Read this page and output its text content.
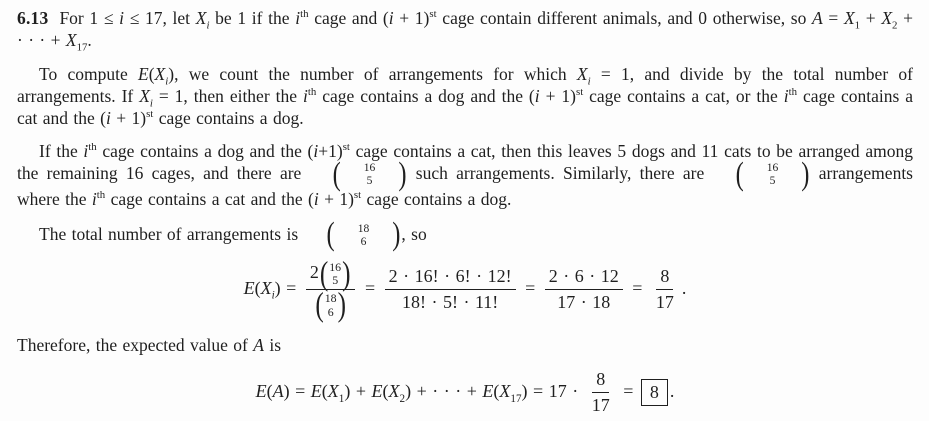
6.13 For 1 ≤ i ≤ 17, let $X_i$ be 1 if the $i^{th}$ cage and $(i + 1)^{st}$ cage contain different animals, and 0 otherwise, so $A = X_1 + X_2$ + · · · + $X_{17}$.

To compute $E(X_i)$, we count the number of arrangements for which $X_i = 1$, and divide by the total number of arrangements. If $X_i = 1$, then either the $i^{th}$ cage contains a dog and the $(i + 1)^{st}$ cage contains a cat, or the $i^{th}$ cage contains a cat and the $(i + 1)^{st}$ cage contains a dog.

If the $i^{th}$ cage contains a dog and the $(i+1)^{st}$ cage contains a cat, then this leaves 5 dogs and 11 cats to be arranged among the remaining 16 cages, and there are (	16
5	) such arrangements. Similarly, there are (	16
5	) arrangements where the $i^{th}$ cage contains a cat and the $(i + 1)^{st}$ cage contains a dog.

The total number of arrangements is (	18
6	) , so

$E(X_i) = 2$ ( 16
5 )
( 18
6 ) = $\frac{2 \cdot 16! \cdot 6! \cdot 12!}{18! \cdot 5! \cdot 11!} = \frac{2 \cdot 6 \cdot 12}{17 \cdot 18} = \frac{8}{17}$ .

Therefore, the expected value of A is

$E(A) = E(X_1) + E(X_2)$ + · · · + $E(X_{17}) = 17 \cdot \frac{8}{17} = 8$ .
